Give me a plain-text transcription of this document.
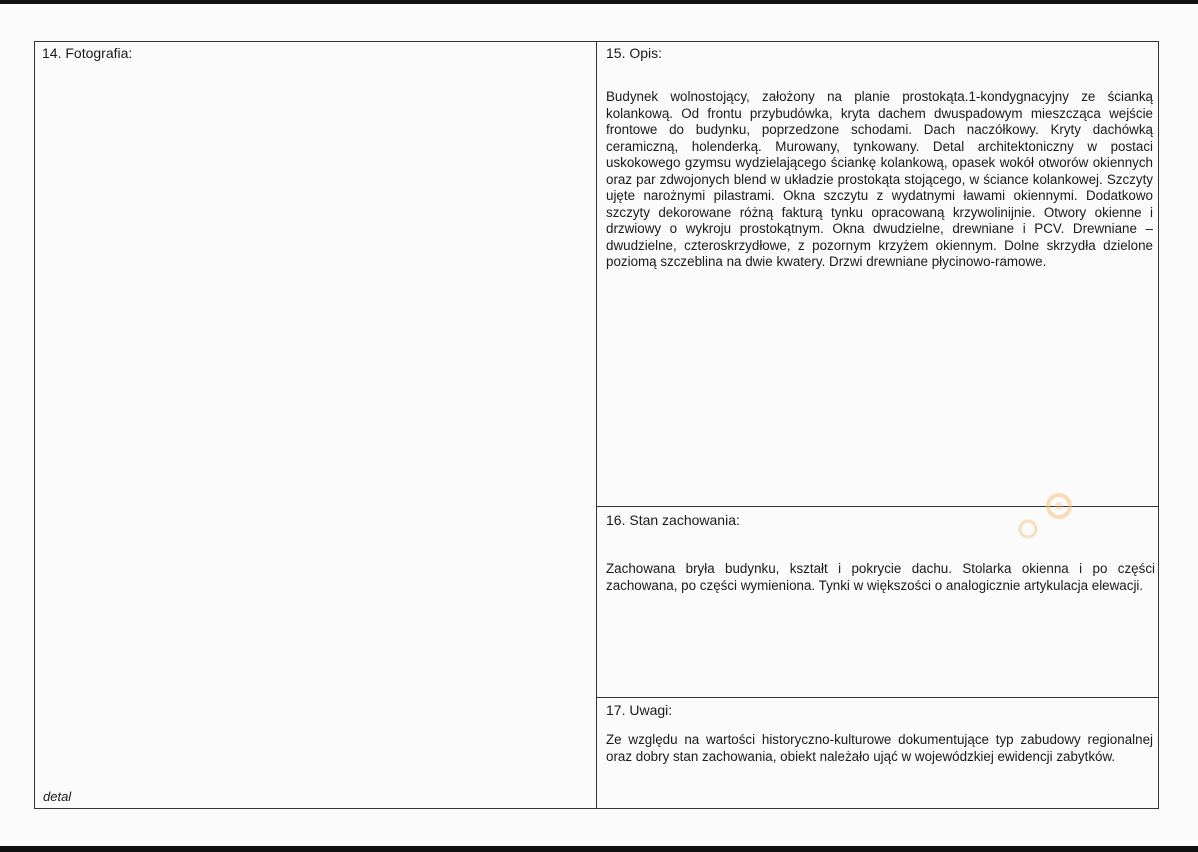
14. Fotografia:
detal
15. Opis:

Budynek wolnostojący, założony na planie prostokąta.1-kondygnacyjny ze ścianką kolankową. Od frontu przybudówka, kryta dachem dwuspadowym mieszcząca wejście frontowe do budynku, poprzedzone schodami. Dach naczółkowy. Kryty dachówką ceramiczną, holenderką. Murowany, tynkowany. Detal architektoniczny w postaci uskokowego gzymsu wydzielającego ściankę kolankową, opasek wokół otworów okiennych oraz par zdwojonych blend w układzie prostokąta stojącego, w ściance kolankowej. Szczyty ujęte narożnymi pilastrami. Okna szczytu z wydatnymi ławami okiennymi. Dodatkowo szczyty dekorowane różną fakturą tynku opracowaną krzywolinijnie. Otwory okienne i drzwiowy o wykroju prostokątnym. Okna dwudzielne, drewniane i PCV. Drewniane – dwudzielne, czteroskrzydłowe, z pozornym krzyżem okiennym. Dolne skrzydła dzielone poziomą szczeblina na dwie kwatery. Drzwi drewniane płycinowo-ramowe.

16. Stan zachowania:

Zachowana bryła budynku, kształt i pokrycie dachu. Stolarka okienna i po części zachowana, po części wymieniona. Tynki w większości o analogicznie artykulacja elewacji.

17. Uwagi:

Ze względu na wartości historyczno-kulturowe dokumentujące typ zabudowy regionalnej oraz dobry stan zachowania, obiekt należało ująć w wojewódzkiej ewidencji zabytków.
